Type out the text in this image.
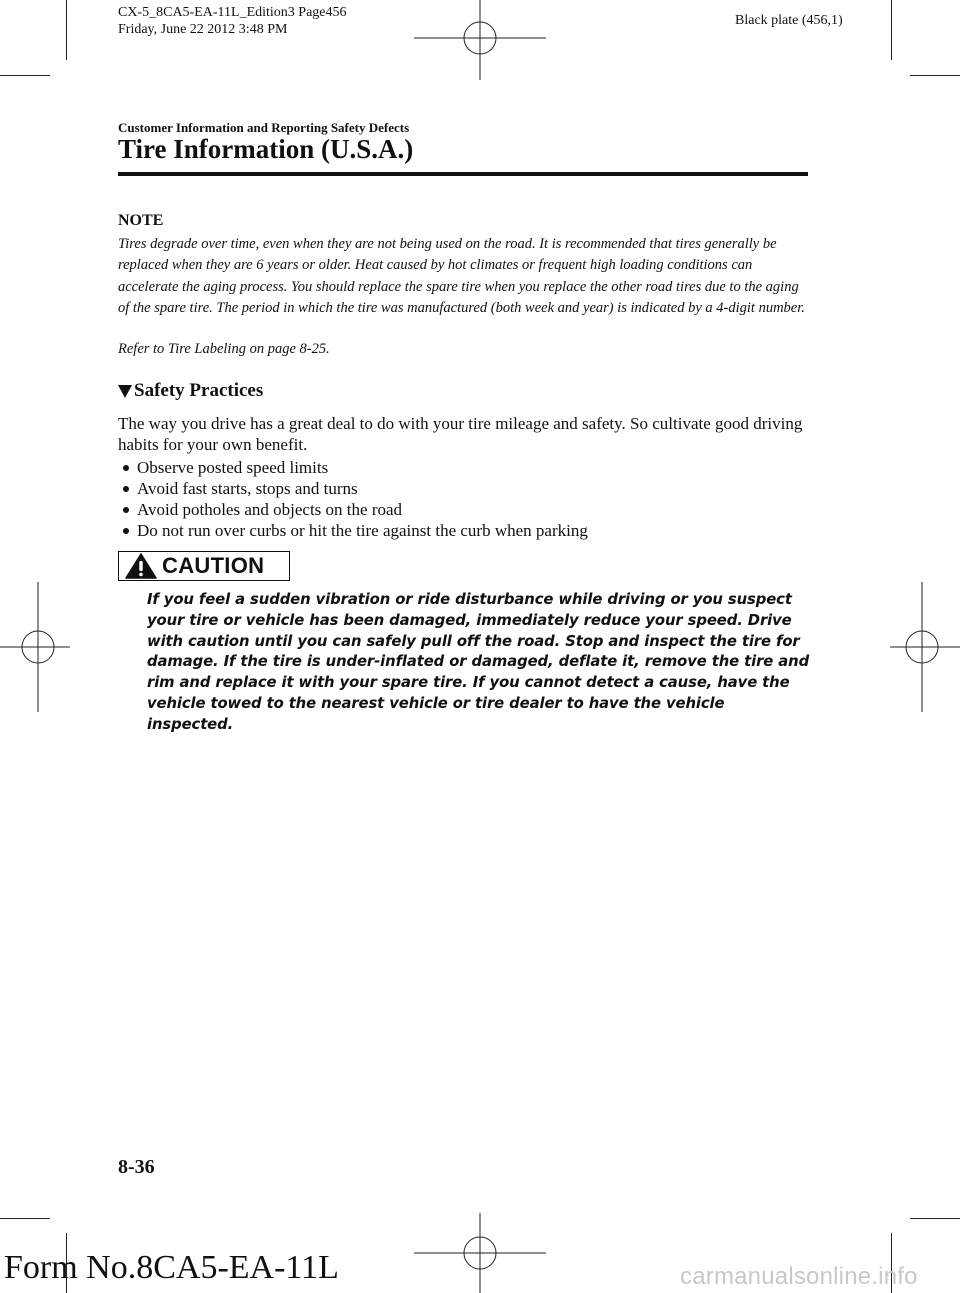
CX-5_8CA5-EA-11L_Edition3 Page456
Friday, June 22 2012 3:48 PM
Black plate (456,1)
Customer Information and Reporting Safety Defects
Tire Information (U.S.A.)
NOTE
Tires degrade over time, even when they are not being used on the road. It is recommended that tires generally be replaced when they are 6 years or older. Heat caused by hot climates or frequent high loading conditions can accelerate the aging process. You should replace the spare tire when you replace the other road tires due to the aging of the spare tire. The period in which the tire was manufactured (both week and year) is indicated by a 4-digit number.
Refer to Tire Labeling on page 8-25.
Safety Practices
The way you drive has a great deal to do with your tire mileage and safety. So cultivate good driving habits for your own benefit.
Observe posted speed limits
Avoid fast starts, stops and turns
Avoid potholes and objects on the road
Do not run over curbs or hit the tire against the curb when parking
CAUTION
If you feel a sudden vibration or ride disturbance while driving or you suspect your tire or vehicle has been damaged, immediately reduce your speed. Drive with caution until you can safely pull off the road. Stop and inspect the tire for damage. If the tire is under-inflated or damaged, deflate it, remove the tire and rim and replace it with your spare tire. If you cannot detect a cause, have the vehicle towed to the nearest vehicle or tire dealer to have the vehicle inspected.
8-36
Form No.8CA5-EA-11L	carmanualsonline.info
